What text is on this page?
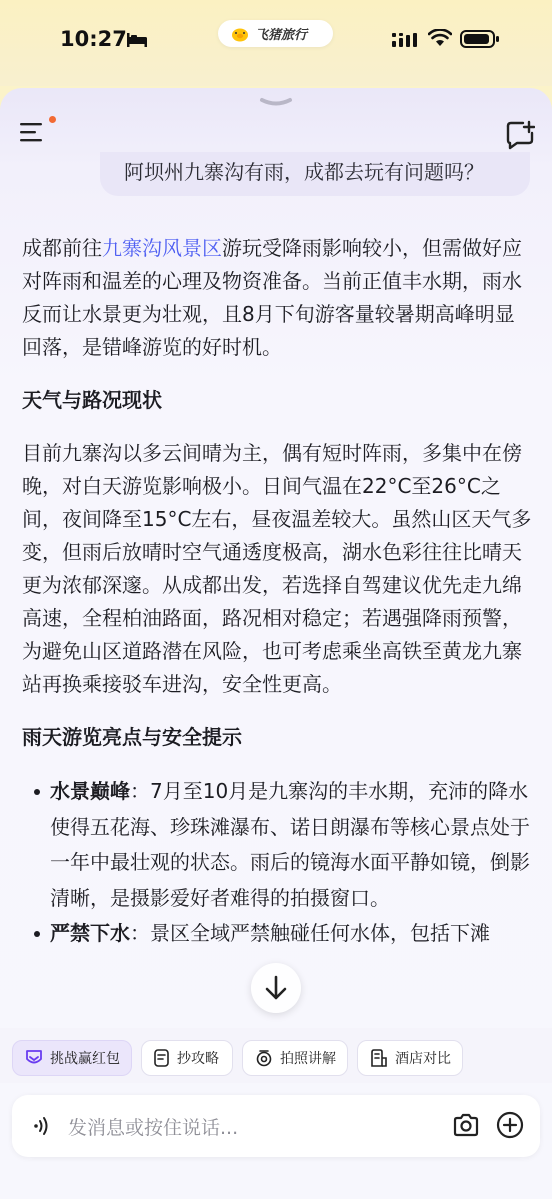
10:27	飞猪旅行
阿坝州九寨沟有雨，成都去玩有问题吗？

成都前往九寨沟风景区游玩受降雨影响较小，但需做好应对阵雨和温差的心理及物资准备。当前正值丰水期，雨水反而让水景更为壮观，且8月下旬游客量较暑期高峰明显回落，是错峰游览的好时机。

天气与路况现状

目前九寨沟以多云间晴为主，偶有短时阵雨，多集中在傍晚，对白天游览影响极小。日间气温在22°C至26°C之间，夜间降至15°C左右，昼夜温差较大。虽然山区天气多变，但雨后放晴时空气通透度极高，湖水色彩往往比晴天更为浓郁深邃。从成都出发，若选择自驾建议优先走九绵高速，全程柏油路面，路况相对稳定；若遇强降雨预警，为避免山区道路潜在风险，也可考虑乘坐高铁至黄龙九寨站再换乘接驳车进沟，安全性更高。

雨天游览亮点与安全提示
水景巅峰：7月至10月是九寨沟的丰水期，充沛的降水使得五花海、珍珠滩瀑布、诺日朗瀑布等核心景点处于一年中最壮观的状态。雨后的镜海水面平静如镜，倒影清晰，是摄影爱好者难得的拍摄窗口。
严禁下水：景区全域严禁触碰任何水体，包括下滩
挑战赢红包	抄攻略	拍照讲解	酒店对比
发消息或按住说话...
